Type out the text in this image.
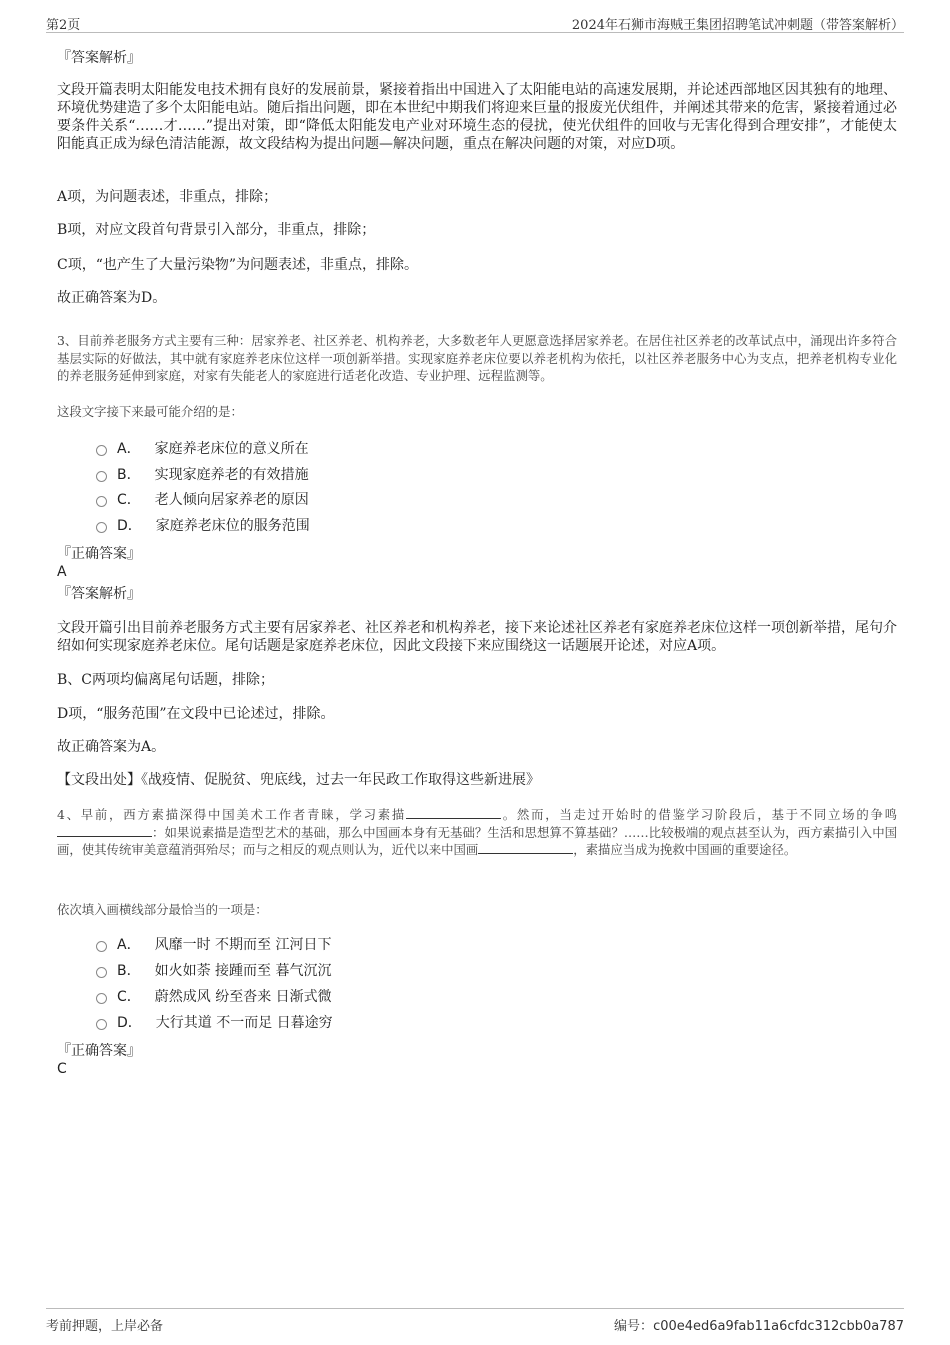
第2页	2024年石狮市海贼王集团招聘笔试冲刺题（带答案解析）
『答案解析』
文段开篇表明太阳能发电技术拥有良好的发展前景，紧接着指出中国进入了太阳能电站的高速发展期，并论述西部地区因其独有的地理、环境优势建造了多个太阳能电站。随后指出问题，即在本世纪中期我们将迎来巨量的报废光伏组件，并阐述其带来的危害，紧接着通过必要条件关系“……才……”提出对策，即“降低太阳能发电产业对环境生态的侵扰，使光伏组件的回收与无害化得到合理安排”，才能使太阳能真正成为绿色清洁能源，故文段结构为提出问题—解决问题，重点在解决问题的对策，对应D项。
A项，为问题表述，非重点，排除；
B项，对应文段首句背景引入部分，非重点，排除；
C项，“也产生了大量污染物”为问题表述，非重点，排除。
故正确答案为D。
3、目前养老服务方式主要有三种：居家养老、社区养老、机构养老，大多数老年人更愿意选择居家养老。在居住社区养老的改革试点中，涌现出许多符合基层实际的好做法，其中就有家庭养老床位这样一项创新举措。实现家庭养老床位要以养老机构为依托，以社区养老服务中心为支点，把养老机构专业化的养老服务延伸到家庭，对家有失能老人的家庭进行适老化改造、专业护理、远程监测等。
这段文字接下来最可能介绍的是：
A． 家庭养老床位的意义所在
B． 实现家庭养老的有效措施
C． 老人倾向居家养老的原因
D． 家庭养老床位的服务范围
『正确答案』
A
『答案解析』
文段开篇引出目前养老服务方式主要有居家养老、社区养老和机构养老，接下来论述社区养老有家庭养老床位这样一项创新举措，尾句介绍如何实现家庭养老床位。尾句话题是家庭养老床位，因此文段接下来应围绕这一话题展开论述，对应A项。
B、C两项均偏离尾句话题，排除；
D项，“服务范围”在文段中已论述过，排除。
故正确答案为A。
【文段出处】《战疫情、促脱贫、兜底线，过去一年民政工作取得这些新进展》
4、早前，西方素描深得中国美术工作者青睐，学习素描	。然而，当走过开始时的借鉴学习阶段后，基于不同立场的争鸣：如果说素描是造型艺术的基础，那么中国画本身有无基础？生活和思想算不算基础？……比较极端的观点甚至认为，西方素描引入中国画，使其传统审美意蕴消弭殆尽；而与之相反的观点则认为，近代以来中国画	，素描应当成为挽救中国画的重要途径。
依次填入画横线部分最恰当的一项是：
A． 风靡一时 不期而至 江河日下
B． 如火如荼 接踵而至 暮气沉沉
C． 蔚然成风 纷至沓来 日渐式微
D． 大行其道 不一而足 日暮途穷
『正确答案』
C
考前押题，上岸必备	编号：c00e4ed6a9fab11a6cfdc312cbb0a787
